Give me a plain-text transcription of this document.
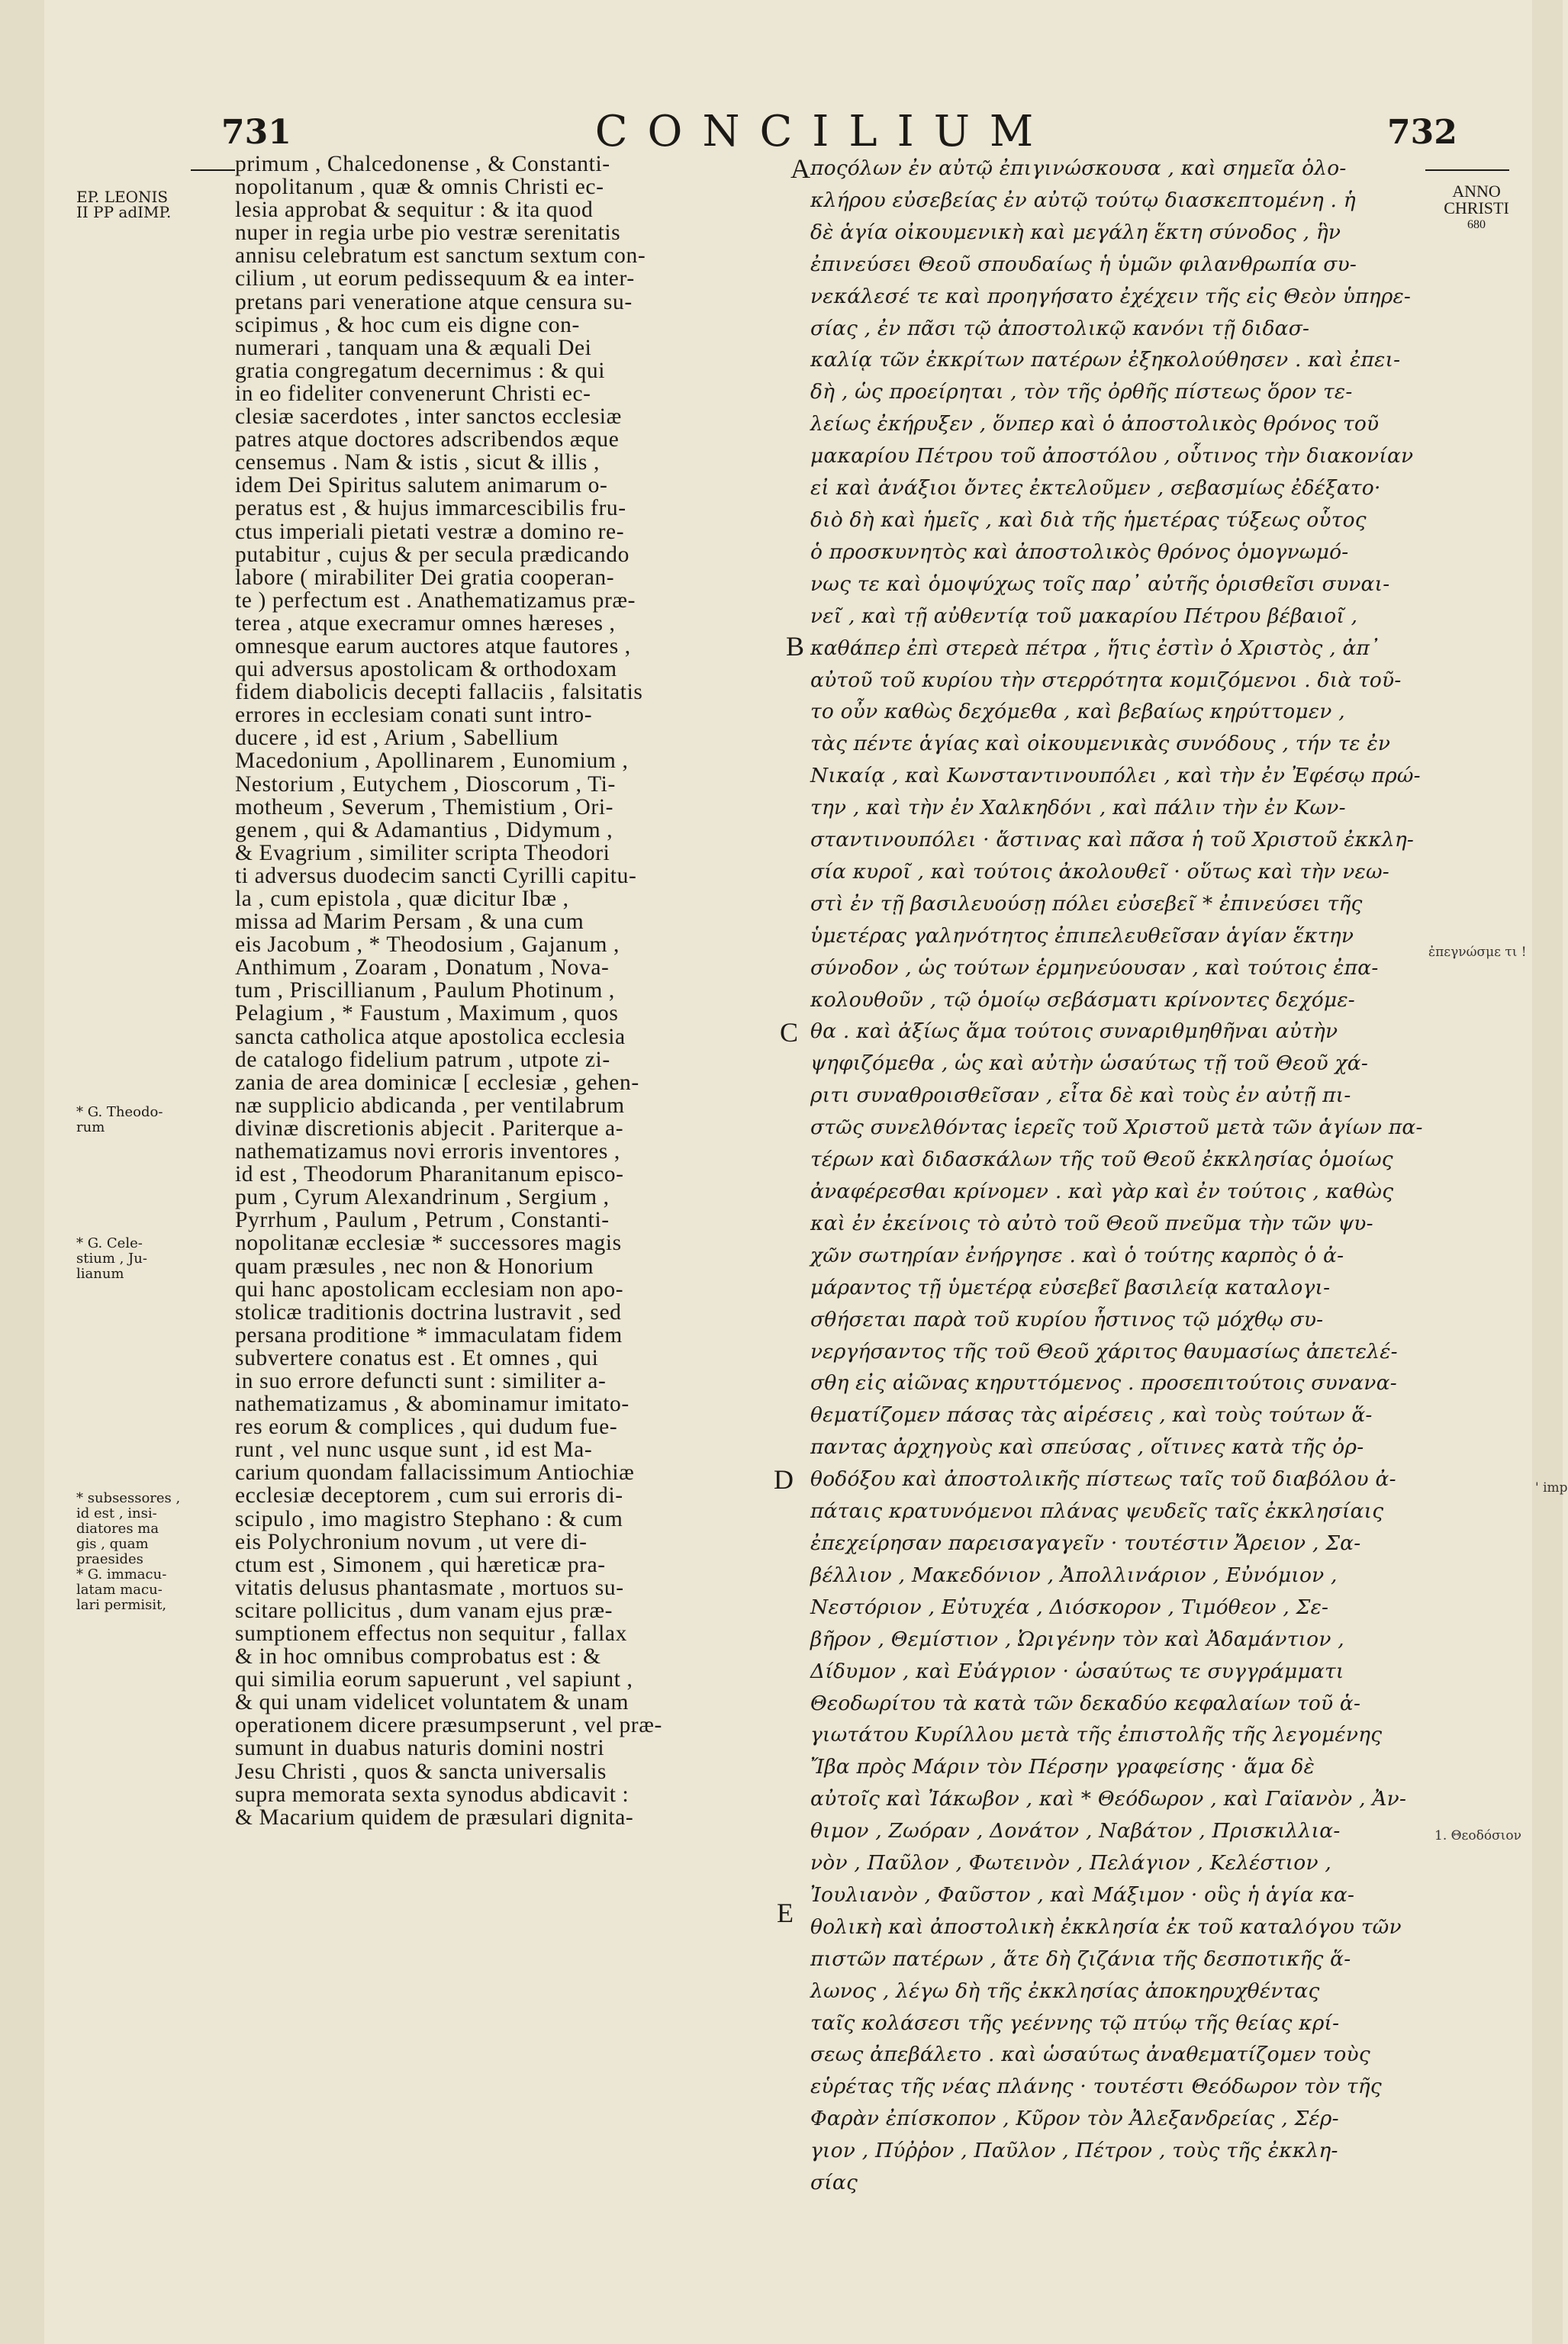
731	CONCILIUM	732
EP. LEONIS
II PP adIMP.
* G. Theodo-
rum
* G. Cele-
stium , Ju-
lianum
* subsessores ,
id est , insi-
diatores ma
gis , quam
praesides
* G. immacu-
latam macu-
lari permisit,
primum , Chalcedonense , & Constanti-
nopolitanum , quæ & omnis Christi ec-
lesia approbat & sequitur : & ita quod
nuper in regia urbe pio vestræ serenitatis
annisu celebratum est sanctum sextum con-
cilium , ut eorum pedissequum & ea inter-
pretans pari veneratione atque censura su-
scipimus , & hoc cum eis digne con-
numerari , tanquam una & æquali Dei
gratia congregatum decernimus : & qui
in eo fideliter convenerunt Christi ec-
clesiæ sacerdotes , inter sanctos ecclesiæ
patres atque doctores adscribendos æque
censemus . Nam & istis , sicut & illis ,
idem Dei Spiritus salutem animarum o-
peratus est , & hujus immarcescibilis fru-
ctus imperiali pietati vestræ a domino re-
putabitur , cujus & per secula prædicando
labore ( mirabiliter Dei gratia cooperan-
te ) perfectum est . Anathematizamus præ-
terea , atque execramur omnes hæreses ,
omnesque earum auctores atque fautores ,
qui adversus apostolicam & orthodoxam
fidem diabolicis decepti fallaciis , falsitatis
errores in ecclesiam conati sunt intro-
ducere , id est , Arium , Sabellium
Macedonium , Apollinarem , Eunomium ,
Nestorium , Eutychem , Dioscorum , Ti-
motheum , Severum , Themistium , Ori-
genem , qui & Adamantius , Didymum ,
& Evagrium , similiter scripta Theodori
ti adversus duodecim sancti Cyrilli capitu-
la , cum epistola , quæ dicitur Ibæ ,
missa ad Marim Persam , & una cum
eis Jacobum , * Theodosium , Gajanum ,
Anthimum , Zoaram , Donatum , Nova-
tum , Priscillianum , Paulum Photinum ,
Pelagium , * Faustum , Maximum , quos
sancta catholica atque apostolica ecclesia
de catalogo fidelium patrum , utpote zi-
zania de area dominicæ [ ecclesiæ , gehen-
næ supplicio abdicanda , per ventilabrum
divinæ discretionis abjecit . Pariterque a-
nathematizamus novi erroris inventores ,
id est , Theodorum Pharanitanum episco-
pum , Cyrum Alexandrinum , Sergium ,
Pyrrhum , Paulum , Petrum , Constanti-
nopolitanæ ecclesiæ * successores magis
quam præsules , nec non & Honorium
qui hanc apostolicam ecclesiam non apo-
stolicæ traditionis doctrina lustravit , sed
persana proditione * immaculatam fidem
subvertere conatus est . Et omnes , qui
in suo errore defuncti sunt : similiter a-
nathematizamus , & abominamur imitato-
res eorum & complices , qui dudum fue-
runt , vel nunc usque sunt , id est Ma-
carium quondam fallacissimum Antiochiæ
ecclesiæ deceptorem , cum sui erroris di-
scipulo , imo magistro Stephano : & cum
eis Polychronium novum , ut vere di-
ctum est , Simonem , qui hæreticæ pra-
vitatis delusus phantasmate , mortuos su-
scitare pollicitus , dum vanam ejus præ-
sumptionem effectus non sequitur , fallax
& in hoc omnibus comprobatus est : &
qui similia eorum sapuerunt , vel sapiunt ,
& qui unam videlicet voluntatem & unam
operationem dicere præsumpserunt , vel præ-
sumunt in duabus naturis domini nostri
Jesu Christi , quos & sancta universalis
supra memorata sexta synodus abdicavit :
& Macarium quidem de præsulari dignita-
A
B
C
D
E
ποςόλων ἐν αὐτῷ ἐπιγινώσκουσα , καὶ σημεῖα ὁλο-
κλήρου εὐσεβείας ἐν αὐτῷ τούτῳ διασκεπτομένη . ἡ
δὲ ἁγία οἰκουμενικὴ καὶ μεγάλη ἕκτη σύνοδος , ἣν
ἐπινεύσει Θεοῦ σπουδαίως ἡ ὑμῶν φιλανθρωπία συ-
νεκάλεσέ τε καὶ προηγήσατο ἐχέχειν τῆς εἰς Θεὸν ὑπηρε-
σίας , ἐν πᾶσι τῷ ἀποστολικῷ κανόνι τῇ διδασ-
καλίᾳ τῶν ἐκκρίτων πατέρων ἐξηκολούθησεν . καὶ ἐπει-
δὴ , ὡς προείρηται , τὸν τῆς ὀρθῆς πίστεως ὅρον τε-
λείως ἐκήρυξεν , ὅνπερ καὶ ὁ ἀποστολικὸς θρόνος τοῦ
μακαρίου Πέτρου τοῦ ἀποστόλου , οὗτινος τὴν διακονίαν
εἰ καὶ ἀνάξιοι ὄντες ἐκτελοῦμεν , σεβασμίως ἐδέξατο·
διὸ δὴ καὶ ἡμεῖς , καὶ διὰ τῆς ἡμετέρας τύξεως οὗτος
ὁ προσκυνητὸς καὶ ἀποστολικὸς θρόνος ὁμογνωμό-
νως τε καὶ ὁμοψύχως τοῖς παρ᾽ αὐτῆς ὁρισθεῖσι συναι-
νεῖ , καὶ τῇ αὐθεντίᾳ τοῦ μακαρίου Πέτρου βέβαιοῖ ,
καθάπερ ἐπὶ στερεὰ πέτρα , ἥτις ἐστὶν ὁ Χριστὸς , ἀπ᾽
αὐτοῦ τοῦ κυρίου τὴν στερρότητα κομιζόμενοι . διὰ τοῦ-
το οὖν καθὼς δεχόμεθα , καὶ βεβαίως κηρύττομεν ,
τὰς πέντε ἁγίας καὶ οἰκουμενικὰς συνόδους , τήν τε ἐν
Νικαίᾳ , καὶ Κωνσταντινουπόλει , καὶ τὴν ἐν Ἐφέσῳ πρώ-
την , καὶ τὴν ἐν Χαλκηδόνι , καὶ πάλιν τὴν ἐν Κων-
σταντινουπόλει · ἅστινας καὶ πᾶσα ἡ τοῦ Χριστοῦ ἐκκλη-
σία κυροῖ , καὶ τούτοις ἀκολουθεῖ · οὕτως καὶ τὴν νεω-
στὶ ἐν τῇ βασιλευούσῃ πόλει εὐσεβεῖ * ἐπινεύσει τῆς
ὑμετέρας γαληνότητος ἐπιπελευθεῖσαν ἁγίαν ἕκτην
σύνοδον , ὡς τούτων ἑρμηνεύουσαν , καὶ τούτοις ἐπα-
κολουθοῦν , τῷ ὁμοίῳ σεβάσματι κρίνοντες δεχόμε-
θα . καὶ ἀξίως ἅμα τούτοις συναριθμηθῆναι αὐτὴν
ψηφιζόμεθα , ὡς καὶ αὐτὴν ὡσαύτως τῇ τοῦ Θεοῦ χά-
ριτι συναθροισθεῖσαν , εἶτα δὲ καὶ τοὺς ἐν αὐτῇ πι-
στῶς συνελθόντας ἱερεῖς τοῦ Χριστοῦ μετὰ τῶν ἁγίων πα-
τέρων καὶ διδασκάλων τῆς τοῦ Θεοῦ ἐκκλησίας ὁμοίως
ἀναφέρεσθαι κρίνομεν . καὶ γὰρ καὶ ἐν τούτοις , καθὼς
καὶ ἐν ἐκείνοις τὸ αὐτὸ τοῦ Θεοῦ πνεῦμα τὴν τῶν ψυ-
χῶν σωτηρίαν ἐνήργησε . καὶ ὁ τούτης καρπὸς ὁ ἀ-
μάραντος τῇ ὑμετέρᾳ εὐσεβεῖ βασιλείᾳ καταλογι-
σθήσεται παρὰ τοῦ κυρίου ἧστινος τῷ μόχθῳ συ-
νεργήσαντος τῆς τοῦ Θεοῦ χάριτος θαυμασίως ἀπετελέ-
σθη εἰς αἰῶνας κηρυττόμενος . προσεπιτούτοις συνανα-
θεματίζομεν πάσας τὰς αἱρέσεις , καὶ τοὺς τούτων ἅ-
παντας ἀρχηγοὺς καὶ σπεύσας , οἵτινες κατὰ τῆς ὀρ-
θοδόξου καὶ ἀποστολικῆς πίστεως ταῖς τοῦ διαβόλου ἀ-
πάταις κρατυνόμενοι πλάνας ψευδεῖς ταῖς ἐκκλησίαις
ἐπεχείρησαν παρεισαγαγεῖν · τουτέστιν Ἄρειον , Σα-
βέλλιον , Μακεδόνιον , Ἀπολλινάριον , Εὐνόμιον ,
Νεστόριον , Εὐτυχέα , Διόσκορον , Τιμόθεον , Σε-
βῆρον , Θεμίστιον , Ὠριγένην τὸν καὶ Ἀδαμάντιον ,
Δίδυμον , καὶ Εὐάγριον · ὡσαύτως τε συγγράμματι
Θεοδωρίτου τὰ κατὰ τῶν δεκαδύο κεφαλαίων τοῦ ἁ-
γιωτάτου Κυρίλλου μετὰ τῆς ἐπιστολῆς τῆς λεγομένης
Ἴβα πρὸς Μάριν τὸν Πέρσην γραφείσης · ἅμα δὲ
αὐτοῖς καὶ Ἰάκωβον , καὶ * Θεόδωρον , καὶ Γαϊανὸν , Ἀν-
θιμον , Ζωόραν , Δονάτον , Ναβάτον , Πρισκιλλια-
νὸν , Παῦλον , Φωτεινὸν , Πελάγιον , Κελέστιον ,
Ἰουλιανὸν , Φαῦστον , καὶ Μάξιμον · οὓς ἡ ἁγία κα-
θολικὴ καὶ ἀποστολικὴ ἐκκλησία ἐκ τοῦ καταλόγου τῶν
πιστῶν πατέρων , ἅτε δὴ ζιζάνια τῆς δεσποτικῆς ἅ-
λωνος , λέγω δὴ τῆς ἐκκλησίας ἀποκηρυχθέντας
ταῖς κολάσεσι τῆς γεέννης τῷ πτύῳ τῆς θείας κρί-
σεως ἀπεβάλετο . καὶ ὡσαύτως ἀναθεματίζομεν τοὺς
εὑρέτας τῆς νέας πλάνης · τουτέστι Θεόδωρον τὸν τῆς
Φαρὰν ἐπίσκοπον , Κῦρον τὸν Ἀλεξανδρείας , Σέρ-
γιον , Πύῤῥον , Παῦλον , Πέτρον , τοὺς τῆς ἐκκλη-
σίας
ANNO
CHRISTI
680
ἐπεγνώσμε τι !
' imp
1. Θεοδόσιον
